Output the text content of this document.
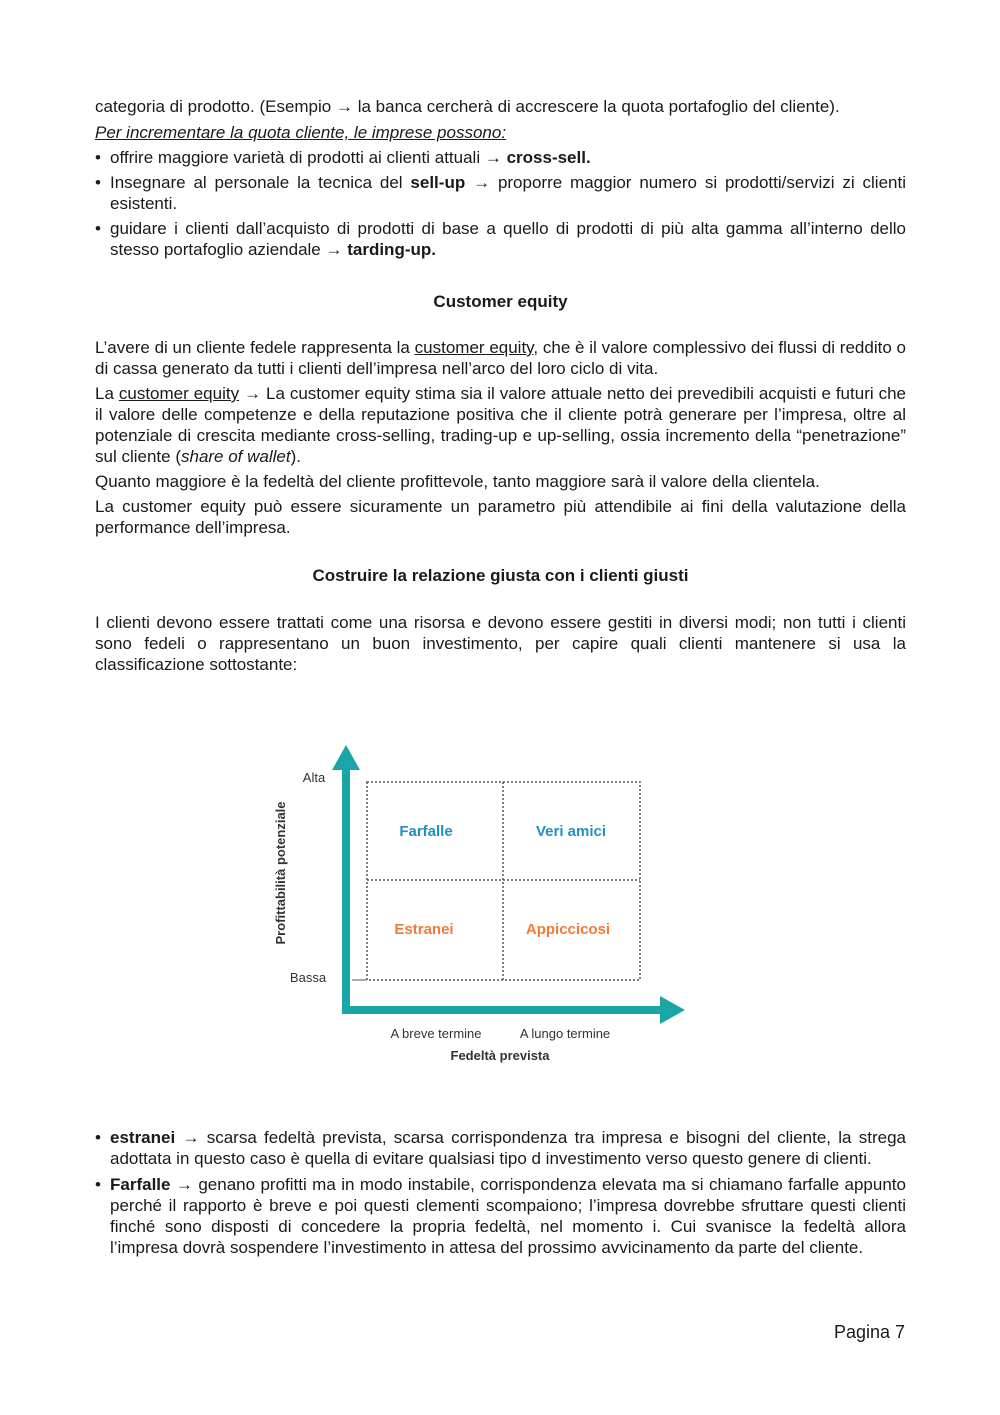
categoria di prodotto. (Esempio → la banca cercherà di accrescere la quota portafoglio del cliente).

Per incrementare la quota cliente, le imprese possono:

• offrire maggiore varietà di prodotti ai clienti attuali → cross-sell.
• Insegnare al personale la tecnica del sell-up → proporre maggior numero si prodotti/servizi zi clienti esistenti.
• guidare i clienti dall’acquisto di prodotti di base a quello di prodotti di più alta gamma all’interno dello stesso portafoglio aziendale → tarding-up.

Customer equity

L’avere di un cliente fedele rappresenta la customer equity, che è il valore complessivo dei flussi di reddito o di cassa generato da tutti i clienti dell’impresa nell’arco del loro ciclo di vita.

La customer equity → La customer equity stima sia il valore attuale netto dei prevedibili acquisti e futuri che il valore delle competenze e della reputazione positiva che il cliente potrà generare per l’impresa, oltre al potenziale di crescita mediante cross-selling, trading-up e up-selling, ossia incremento della “penetrazione” sul cliente (share of wallet).

Quanto maggiore è la fedeltà del cliente profittevole, tanto maggiore sarà il valore della clientela.

La customer equity può essere sicuramente un parametro più attendibile ai fini della valutazione della performance dell’impresa.

Costruire la relazione giusta con i clienti giusti

I clienti devono essere trattati come una risorsa e devono essere gestiti in diversi modi; non tutti i clienti sono fedeli o rappresentano un buon investimento, per capire quali clienti mantenere si usa la classificazione sottostante:

Farfalle	Veri amici
Estranei	Appiccicosi
Alta
Bassa
Profittabilità potenziale
A breve termine	A lungo termine
Fedeltà prevista
• estranei → scarsa fedeltà prevista, scarsa corrispondenza tra impresa e bisogni del cliente, la strega adottata in questo caso è quella di evitare qualsiasi tipo d investimento verso questo genere di clienti.
• Farfalle → genano profitti ma in modo instabile, corrispondenza elevata ma si chiamano farfalle appunto perché il rapporto è breve e poi questi clementi scompaiono; l’impresa dovrebbe sfruttare questi clienti finché sono disposti di concedere la propria fedeltà, nel momento i. Cui svanisce la fedeltà allora l’impresa dovrà sospendere l’investimento in attesa del prossimo avvicinamento da parte del cliente.
Pagina 7
